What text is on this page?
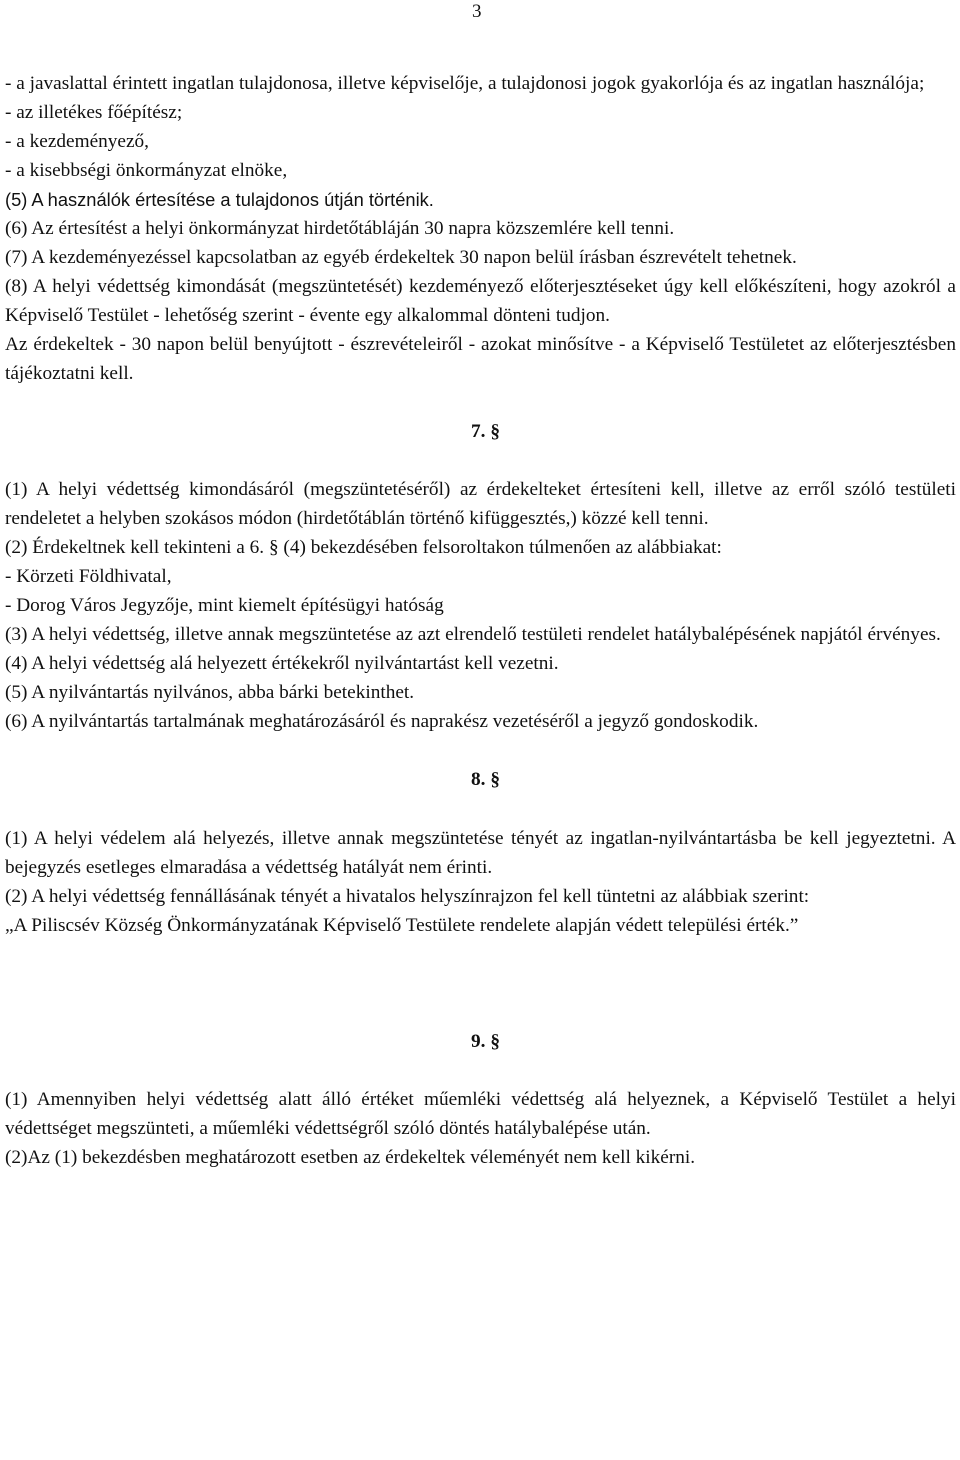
3

- a javaslattal érintett ingatlan tulajdonosa, illetve képviselője, a tulajdonosi jogok gyakorlója és az ingatlan használója;

- az illetékes főépítész;

- a kezdeményező,

- a kisebbségi önkormányzat elnöke,

(5) A használók értesítése a tulajdonos útján történik.

(6) Az értesítést a helyi önkormányzat hirdetőtábláján 30 napra közszemlére kell tenni.

(7) A kezdeményezéssel kapcsolatban az egyéb érdekeltek 30 napon belül írásban észrevételt tehetnek.

(8) A helyi védettség kimondását (megszüntetését) kezdeményező előterjesztéseket úgy kell előkészíteni, hogy azokról a Képviselő Testület - lehetőség szerint - évente egy alkalommal dönteni tudjon.

Az érdekeltek - 30 napon belül benyújtott - észrevételeiről - azokat minősítve - a Képviselő Testületet az előterjesztésben tájékoztatni kell.

7. §

(1) A helyi védettség kimondásáról (megszüntetéséről) az érdekelteket értesíteni kell, illetve az erről szóló testületi rendeletet a helyben szokásos módon (hirdetőtáblán történő kifüggesztés,) közzé kell tenni.

(2) Érdekeltnek kell tekinteni a 6. § (4) bekezdésében felsoroltakon túlmenően az alábbiakat:

- Körzeti Földhivatal,

- Dorog Város Jegyzője, mint kiemelt építésügyi hatóság

(3) A helyi védettség, illetve annak megszüntetése az azt elrendelő testületi rendelet hatálybalépésének napjától érvényes.

(4) A helyi védettség alá helyezett értékekről nyilvántartást kell vezetni.

(5) A nyilvántartás nyilvános, abba bárki betekinthet.

(6) A nyilvántartás tartalmának meghatározásáról és naprakész vezetéséről a jegyző gondoskodik.

8. §

(1) A helyi védelem alá helyezés, illetve annak megszüntetése tényét az ingatlan-nyilvántartásba be kell jegyeztetni. A bejegyzés esetleges elmaradása a védettség hatályát nem érinti.

(2) A helyi védettség fennállásának tényét a hivatalos helyszínrajzon fel kell tüntetni az alábbiak szerint:

„A Piliscsév Község Önkormányzatának Képviselő Testülete rendelete alapján védett települési érték.”

9. §

(1) Amennyiben helyi védettség alatt álló értéket műemléki védettség alá helyeznek, a Képviselő Testület a helyi védettséget megszünteti, a műemléki védettségről szóló döntés hatálybalépése után.

(2)Az (1) bekezdésben meghatározott esetben az érdekeltek véleményét nem kell kikérni.
